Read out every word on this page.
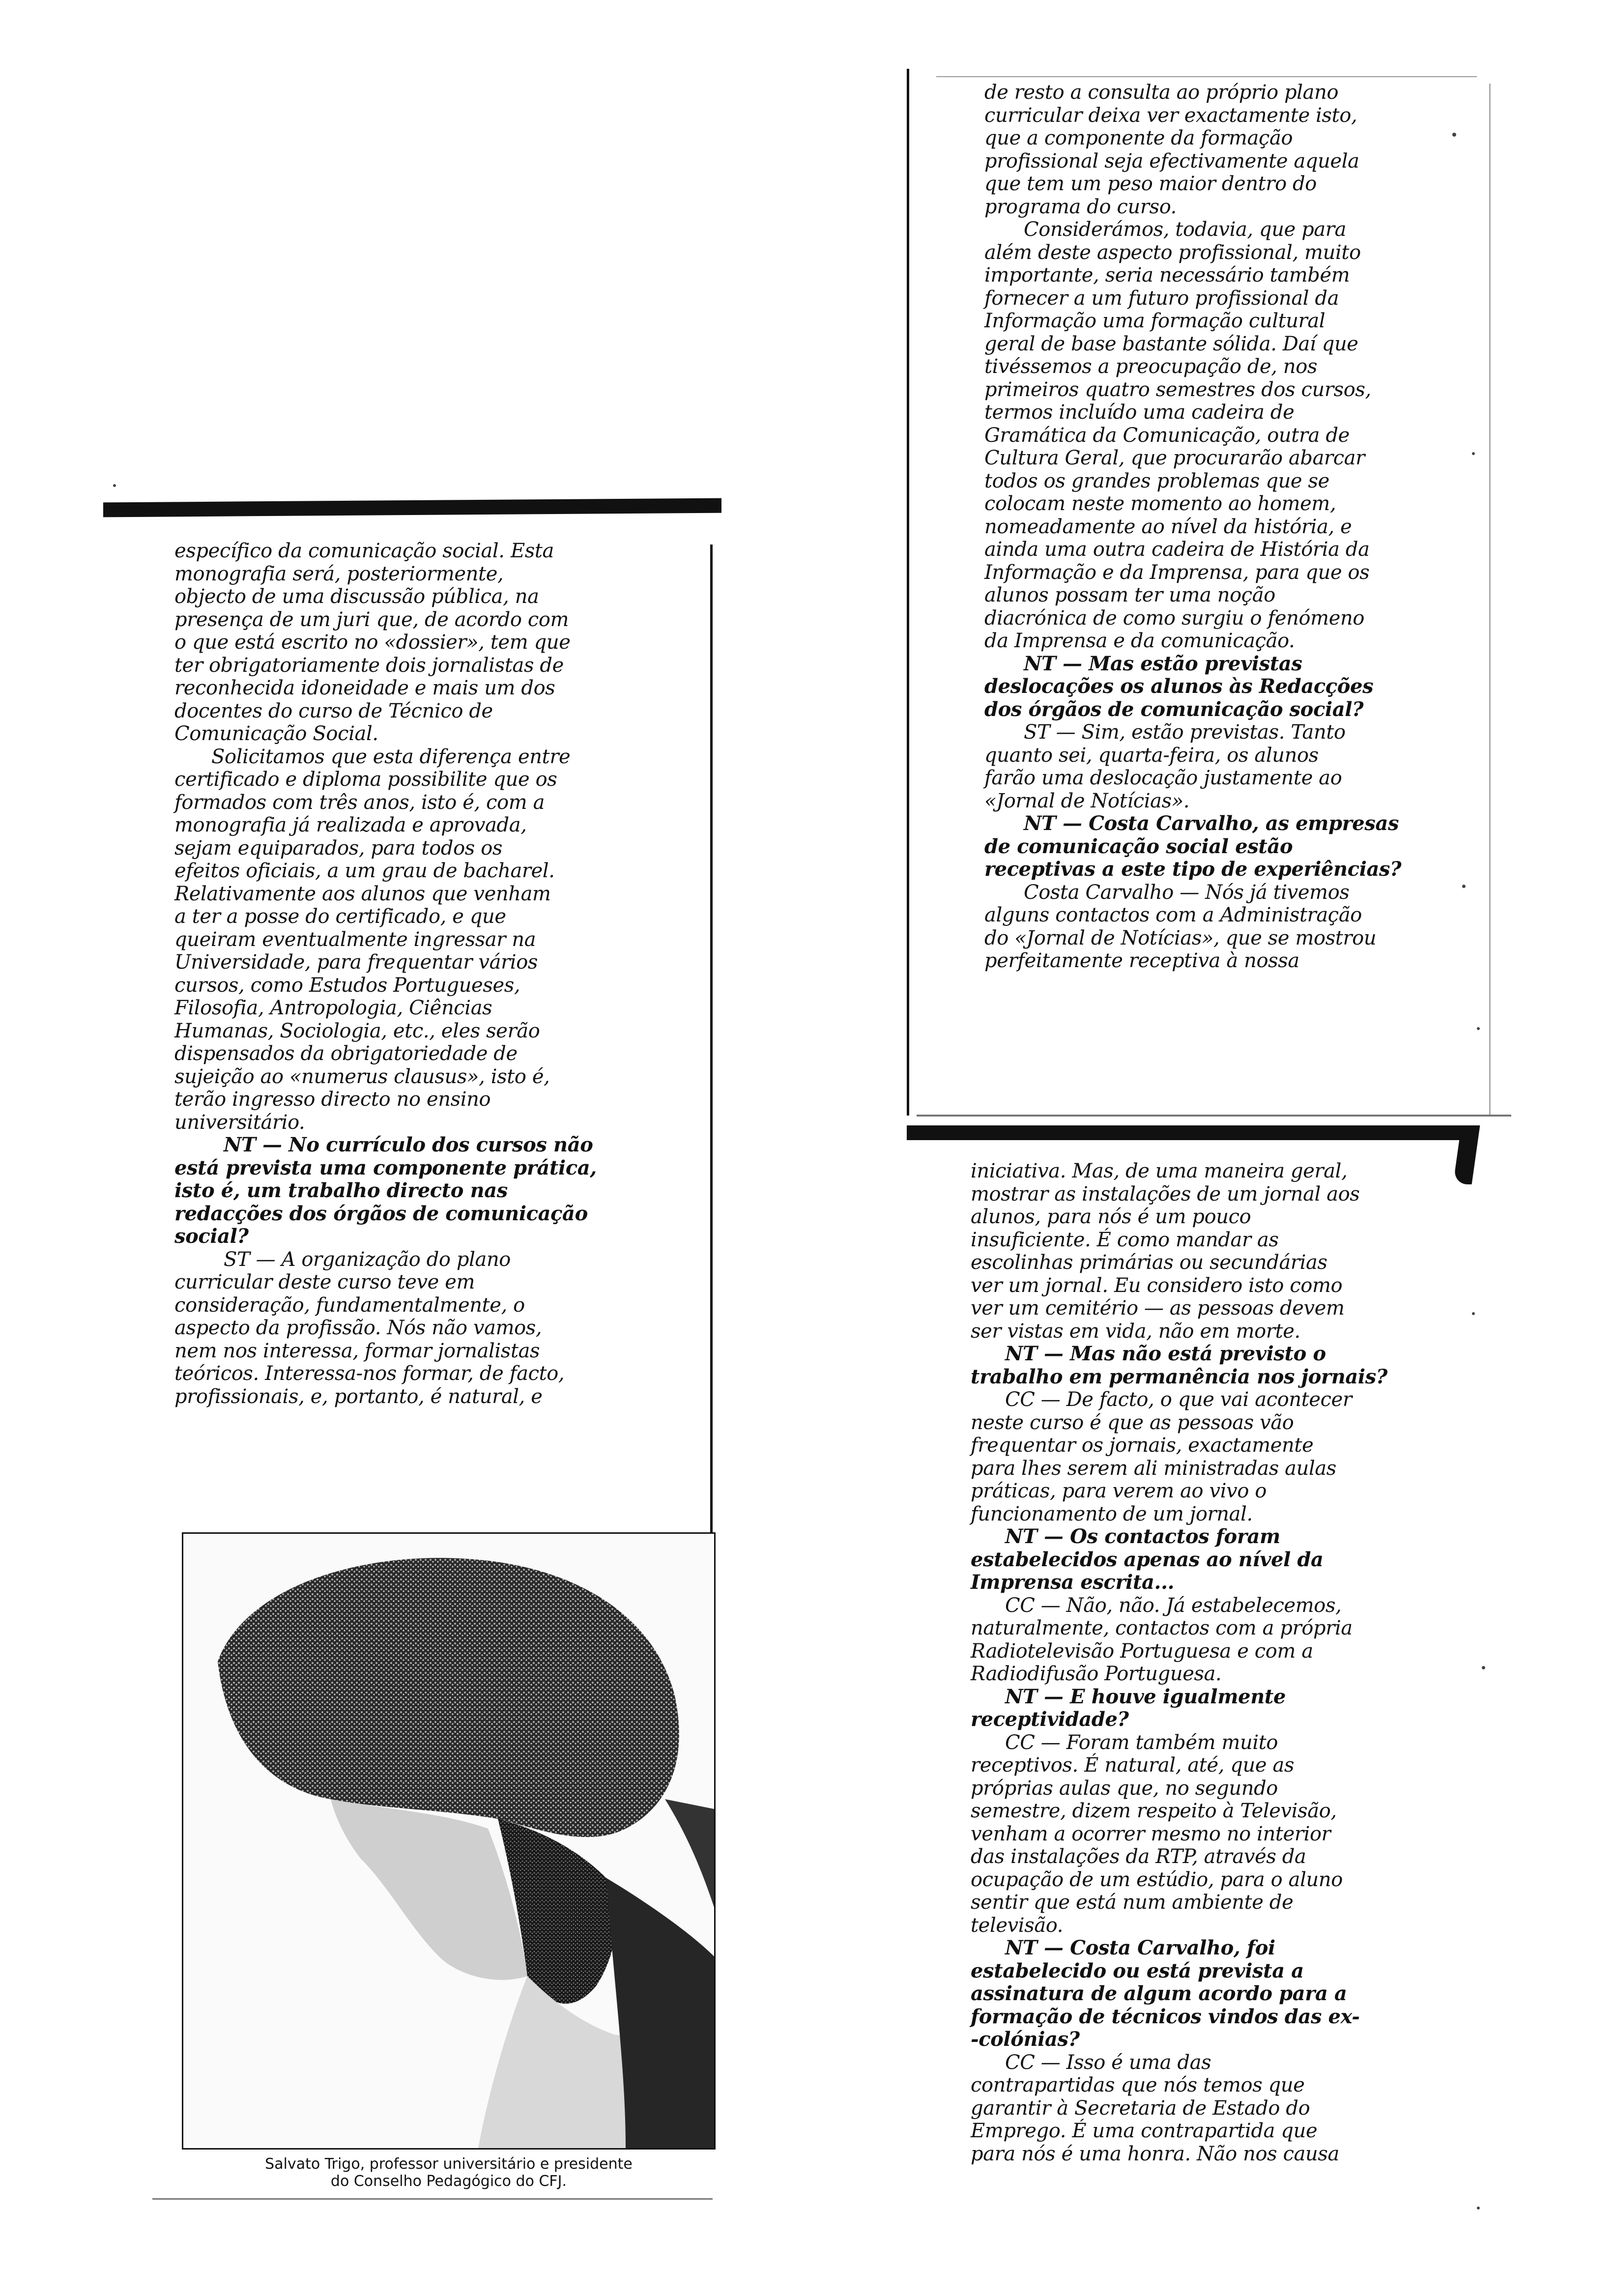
específico da comunicação social. Esta
monografia será, posteriormente,
objecto de uma discussão pública, na
presença de um juri que, de acordo com
o que está escrito no «dossier», tem que
ter obrigatoriamente dois jornalistas de
reconhecida idoneidade e mais um dos
docentes do curso de Técnico de
Comunicação Social.

Solicitamos que esta diferença entre
certificado e diploma possibilite que os
formados com três anos, isto é, com a
monografia já realizada e aprovada,
sejam equiparados, para todos os
efeitos oficiais, a um grau de bacharel.
Relativamente aos alunos que venham
a ter a posse do certificado, e que
queiram eventualmente ingressar na
Universidade, para frequentar vários
cursos, como Estudos Portugueses,
Filosofia, Antropologia, Ciências
Humanas, Sociologia, etc., eles serão
dispensados da obrigatoriedade de
sujeição ao «numerus clausus», isto é,
terão ingresso directo no ensino
universitário.

NT — No currículo dos cursos não
está prevista uma componente prática,
isto é, um trabalho directo nas
redacções dos órgãos de comunicação
social?

ST — A organização do plano
curricular deste curso teve em
consideração, fundamentalmente, o
aspecto da profissão. Nós não vamos,
nem nos interessa, formar jornalistas
teóricos. Interessa-nos formar, de facto,
profissionais, e, portanto, é natural, e

Salvato Trigo, professor universitário e presidente
do Conselho Pedagógico do CFJ.

de resto a consulta ao próprio plano
curricular deixa ver exactamente isto,
que a componente da formação
profissional seja efectivamente aquela
que tem um peso maior dentro do
programa do curso.

Considerámos, todavia, que para
além deste aspecto profissional, muito
importante, seria necessário também
fornecer a um futuro profissional da
Informação uma formação cultural
geral de base bastante sólida. Daí que
tivéssemos a preocupação de, nos
primeiros quatro semestres dos cursos,
termos incluído uma cadeira de
Gramática da Comunicação, outra de
Cultura Geral, que procurarão abarcar
todos os grandes problemas que se
colocam neste momento ao homem,
nomeadamente ao nível da história, e
ainda uma outra cadeira de História da
Informação e da Imprensa, para que os
alunos possam ter uma noção
diacrónica de como surgiu o fenómeno
da Imprensa e da comunicação.

NT — Mas estão previstas
deslocações os alunos às Redacções
dos órgãos de comunicação social?

ST — Sim, estão previstas. Tanto
quanto sei, quarta-feira, os alunos
farão uma deslocação justamente ao
«Jornal de Notícias».

NT — Costa Carvalho, as empresas
de comunicação social estão
receptivas a este tipo de experiências?

Costa Carvalho — Nós já tivemos
alguns contactos com a Administração
do «Jornal de Notícias», que se mostrou
perfeitamente receptiva à nossa

iniciativa. Mas, de uma maneira geral,
mostrar as instalações de um jornal aos
alunos, para nós é um pouco
insuficiente. É como mandar as
escolinhas primárias ou secundárias
ver um jornal. Eu considero isto como
ver um cemitério — as pessoas devem
ser vistas em vida, não em morte.

NT — Mas não está previsto o
trabalho em permanência nos jornais?

CC — De facto, o que vai acontecer
neste curso é que as pessoas vão
frequentar os jornais, exactamente
para lhes serem ali ministradas aulas
práticas, para verem ao vivo o
funcionamento de um jornal.

NT — Os contactos foram
estabelecidos apenas ao nível da
Imprensa escrita...

CC — Não, não. Já estabelecemos,
naturalmente, contactos com a própria
Radiotelevisão Portuguesa e com a
Radiodifusão Portuguesa.

NT — E houve igualmente
receptividade?

CC — Foram também muito
receptivos. É natural, até, que as
próprias aulas que, no segundo
semestre, dizem respeito à Televisão,
venham a ocorrer mesmo no interior
das instalações da RTP, através da
ocupação de um estúdio, para o aluno
sentir que está num ambiente de
televisão.

NT — Costa Carvalho, foi
estabelecido ou está prevista a
assinatura de algum acordo para a
formação de técnicos vindos das ex-
-colónias?

CC — Isso é uma das
contrapartidas que nós temos que
garantir à Secretaria de Estado do
Emprego. É uma contrapartida que
para nós é uma honra. Não nos causa
